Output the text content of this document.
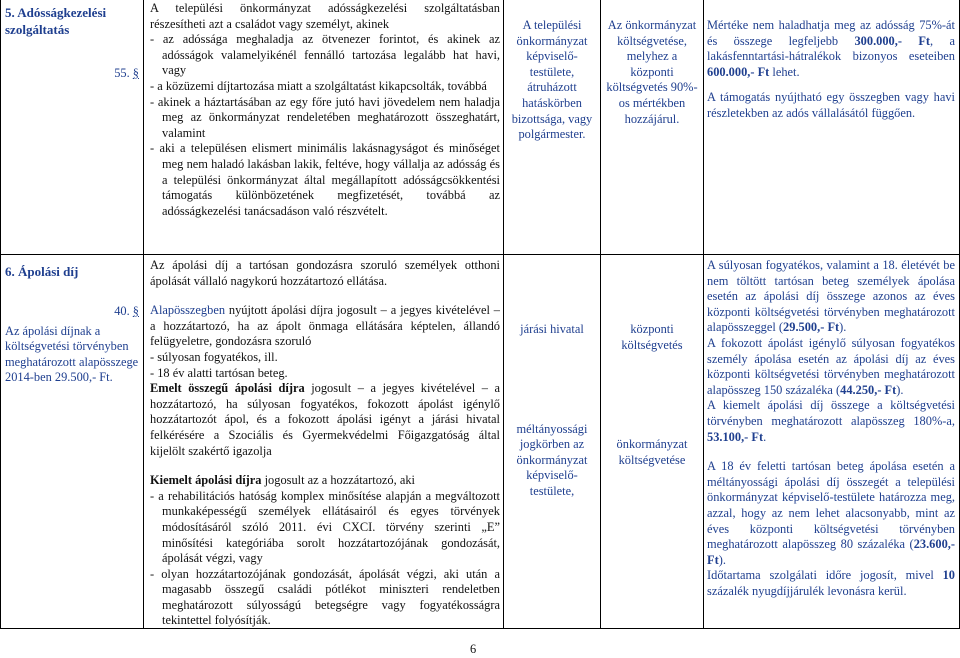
5. Adósságkezelési szolgáltatás

55. §

A települési önkormányzat adósságkezelési szolgáltatásban részesítheti azt a családot vagy személyt, akinek

- az adóssága meghaladja az ötvenezer forintot, és akinek az adósságok valamelyikénél fennálló tartozása legalább hat havi, vagy

- a közüzemi díjtartozása miatt a szolgáltatást kikapcsolták, továbbá

- akinek a háztartásában az egy főre jutó havi jövedelem nem haladja meg az önkormányzat rendeletében meghatározott összeghatárt, valamint

- aki a településen elismert minimális lakásnagyságot és minőséget meg nem haladó lakásban lakik, feltéve, hogy vállalja az adósság és a települési önkormányzat által megállapított adósságcsökkentési támogatás különbözetének megfizetését, továbbá az adósságkezelési tanácsadáson való részvételt.

A települési önkormányzat képviselő-testülete, átruházott hatáskörben bizottsága, vagy polgármester.

Az önkormányzat költségvetése, melyhez a központi költségvetés 90%-os mértékben hozzájárul.

Mértéke nem haladhatja meg az adósság 75%-át és összege legfeljebb 300.000,- Ft, a lakásfenntartási-hátralékok bizonyos eseteiben 600.000,- Ft lehet.

A támogatás nyújtható egy összegben vagy havi részletekben az adós vállalásától függően.

6. Ápolási díj

40. §

Az ápolási díjnak a költségvetési törvényben meghatározott alapösszege 2014-ben 29.500,- Ft.

Az ápolási díj a tartósan gondozásra szoruló személyek otthoni ápolását vállaló nagykorú hozzátartozó ellátása.

Alapösszegben nyújtott ápolási díjra jogosult – a jegyes kivételével – a hozzátartozó, ha az ápolt önmaga ellátására képtelen, állandó felügyeletre, gondozásra szoruló

- súlyosan fogyatékos, ill.

- 18 év alatti tartósan beteg.

Emelt összegű ápolási díjra jogosult – a jegyes kivételével – a hozzátartozó, ha súlyosan fogyatékos, fokozott ápolást igénylő hozzátartozót ápol, és a fokozott ápolási igényt a járási hivatal felkérésére a Szociális és Gyermekvédelmi Főigazgatóság által kijelölt szakértő igazolja

Kiemelt ápolási díjra jogosult az a hozzátartozó, aki

- a rehabilitációs hatóság komplex minősítése alapján a megváltozott munkaképességű személyek ellátásairól és egyes törvények módosításáról szóló 2011. évi CXCI. törvény szerinti „E” minősítési kategóriába sorolt hozzátartozójának gondozását, ápolását végzi, vagy

- olyan hozzátartozójának gondozását, ápolását végzi, aki után a magasabb összegű családi pótlékot miniszteri rendeletben meghatározott súlyosságú betegségre vagy fogyatékosságra tekintettel folyósítják.

járási hivatal

méltányossági jogkörben az önkormányzat képviselő-testülete,

központi költségvetés

önkormányzat költségvetése

A súlyosan fogyatékos, valamint a 18. életévét be nem töltött tartósan beteg személyek ápolása esetén az ápolási díj összege azonos az éves központi költségvetési törvényben meghatározott alapösszeggel (29.500,- Ft).

A fokozott ápolást igénylő súlyosan fogyatékos személy ápolása esetén az ápolási díj az éves központi költségvetési törvényben meghatározott alapösszeg 150 százaléka (44.250,- Ft).

A kiemelt ápolási díj összege a költségvetési törvényben meghatározott alapösszeg 180%-a, 53.100,- Ft.

A 18 év feletti tartósan beteg ápolása esetén a méltányossági ápolási díj összegét a települési önkormányzat képviselő-testülete határozza meg, azzal, hogy az nem lehet alacsonyabb, mint az éves központi költségvetési törvényben meghatározott alapösszeg 80 százaléka (23.600,- Ft).

Időtartama szolgálati időre jogosít, mivel 10 százalék nyugdíjjárulék levonásra kerül.

6
